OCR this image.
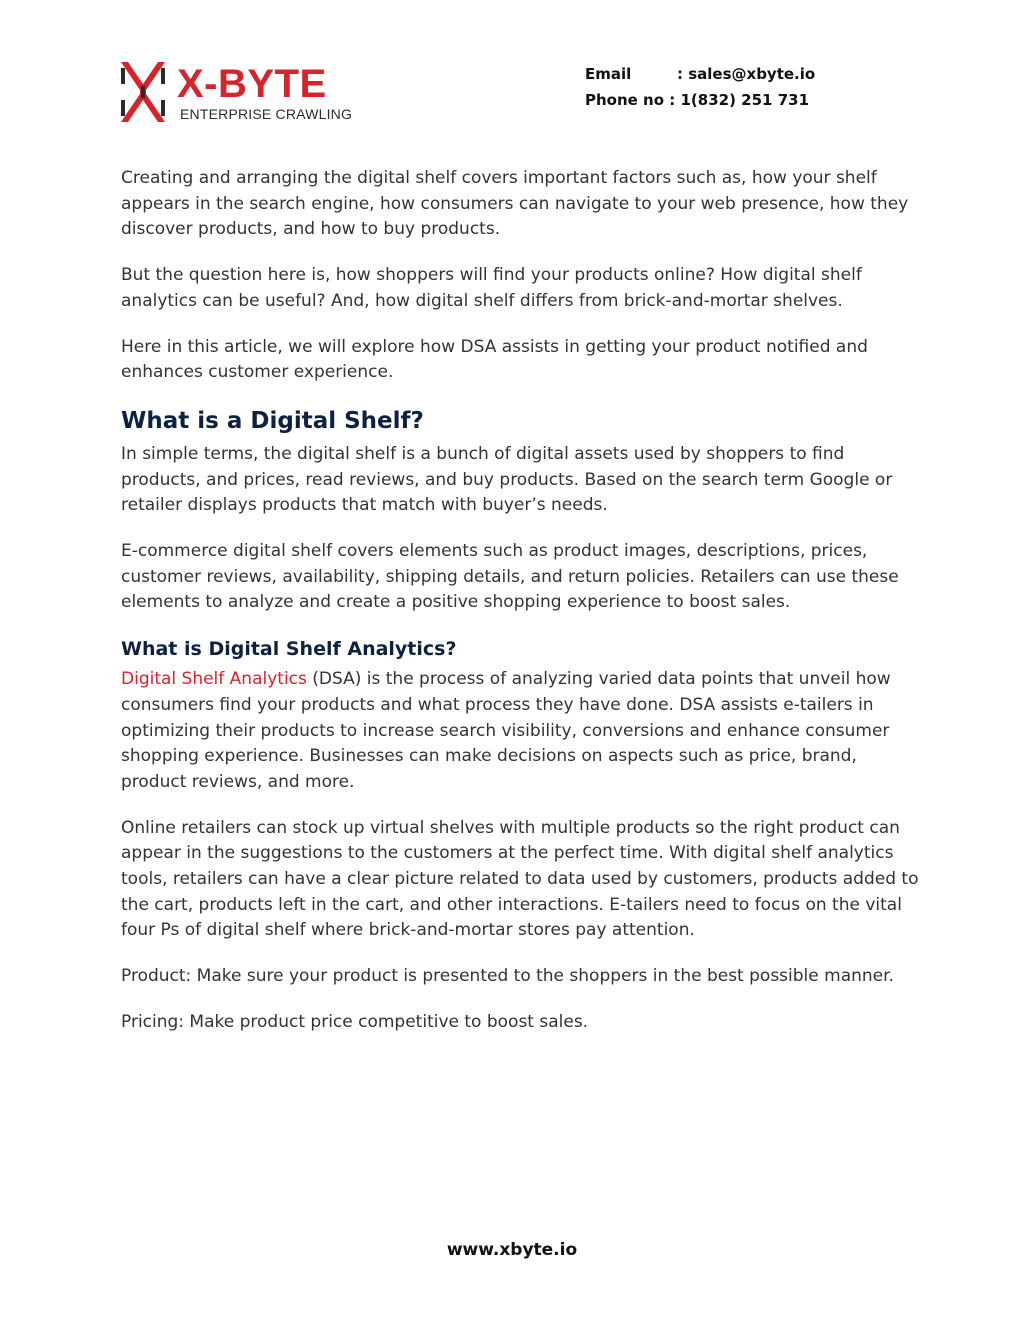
X-BYTE
ENTERPRISE CRAWLING
Email	: sales@xbyte.io
Phone no :
1(832) 251 731

Creating and arranging the digital shelf covers important factors such as, how your shelf appears in the search engine, how consumers can navigate to your web presence, how they discover products, and how to buy products.

But the question here is, how shoppers will find your products online? How digital shelf analytics can be useful? And, how digital shelf differs from brick-and-mortar shelves.

Here in this article, we will explore how DSA assists in getting your product notified and enhances customer experience.

What is a Digital Shelf?

In simple terms, the digital shelf is a bunch of digital assets used by shoppers to find products, and prices, read reviews, and buy products. Based on the search term Google or retailer displays products that match with buyer’s needs.

E-commerce digital shelf covers elements such as product images, descriptions, prices, customer reviews, availability, shipping details, and return policies. Retailers can use these elements to analyze and create a positive shopping experience to boost sales.

What is Digital Shelf Analytics?

Digital Shelf Analytics (DSA) is the process of analyzing varied data points that unveil how consumers find your products and what process they have done. DSA assists e-tailers in optimizing their products to increase search visibility, conversions and enhance consumer shopping experience. Businesses can make decisions on aspects such as price, brand, product reviews, and more.

Online retailers can stock up virtual shelves with multiple products so the right product can appear in the suggestions to the customers at the perfect time. With digital shelf analytics tools, retailers can have a clear picture related to data used by customers, products added to the cart, products left in the cart, and other interactions. E-tailers need to focus on the vital four Ps of digital shelf where brick-and-mortar stores pay attention.

Product: Make sure your product is presented to the shoppers in the best possible manner.

Pricing: Make product price competitive to boost sales.

www.xbyte.io
